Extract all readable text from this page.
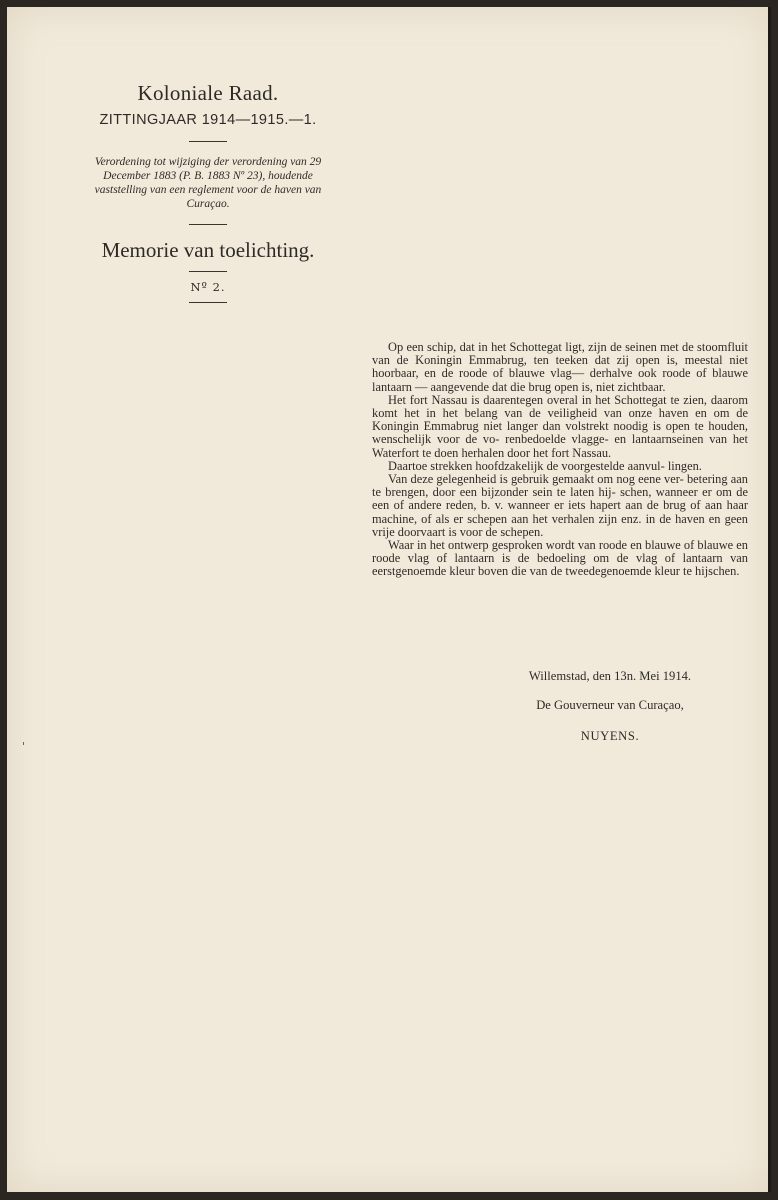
Koloniale Raad.
ZITTINGJAAR 1914—1915.—1.

Verordening tot wijziging der verordening van 29 December 1883 (P. B. 1883 Nº 23), houdende vaststelling van een reglement voor de haven van Curaçao.

Memorie van toelichting.
Nº 2.

Op een schip, dat in het Schottegat ligt, zijn de seinen met de stoomfluit van de Koningin Emmabrug, ten teeken dat zij open is, meestal niet hoorbaar, en de roode of blauwe vlag— derhalve ook roode of blauwe lantaarn — aangevende dat die brug open is, niet zichtbaar.

Het fort Nassau is daarentegen overal in het Schottegat te zien, daarom komt het in het belang van de veiligheid van onze haven en om de Koningin Emmabrug niet langer dan volstrekt noodig is open te houden, wenschelijk voor de vo- renbedoelde vlagge- en lantaarnseinen van het Waterfort te doen herhalen door het fort Nassau.

Daartoe strekken hoofdzakelijk de voorgestelde aanvul- lingen.

Van deze gelegenheid is gebruik gemaakt om nog eene ver- betering aan te brengen, door een bijzonder sein te laten hij- schen, wanneer er om de een of andere reden, b. v. wanneer er iets hapert aan de brug of aan haar machine, of als er schepen aan het verhalen zijn enz. in de haven en geen vrije doorvaart is voor de schepen.

Waar in het ontwerp gesproken wordt van roode en blauwe of blauwe en roode vlag of lantaarn is de bedoeling om de vlag of lantaarn van eerstgenoemde kleur boven die van de tweedegenoemde kleur te hijschen.

Willemstad, den 13n. Mei 1914.
De Gouverneur van Curaçao,
NUYENS.
